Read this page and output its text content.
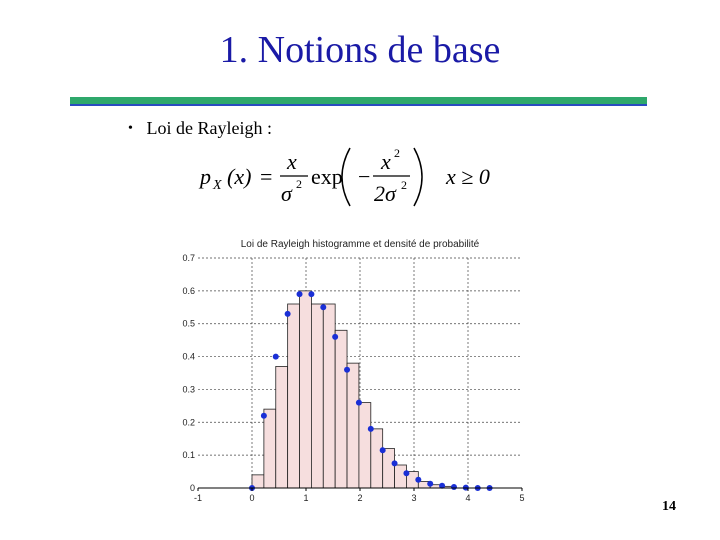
1. Notions de base
• Loi de Rayleigh :
p X (x) =
x
σ 2 exp −
x 2
2σ 2 x ≥ 0
Loi de Rayleigh histogramme et densité de probabilité
-1	0	1	2	3	4	5
0
0.1
0.2
0.3
0.4
0.5
0.6
0.7
14
